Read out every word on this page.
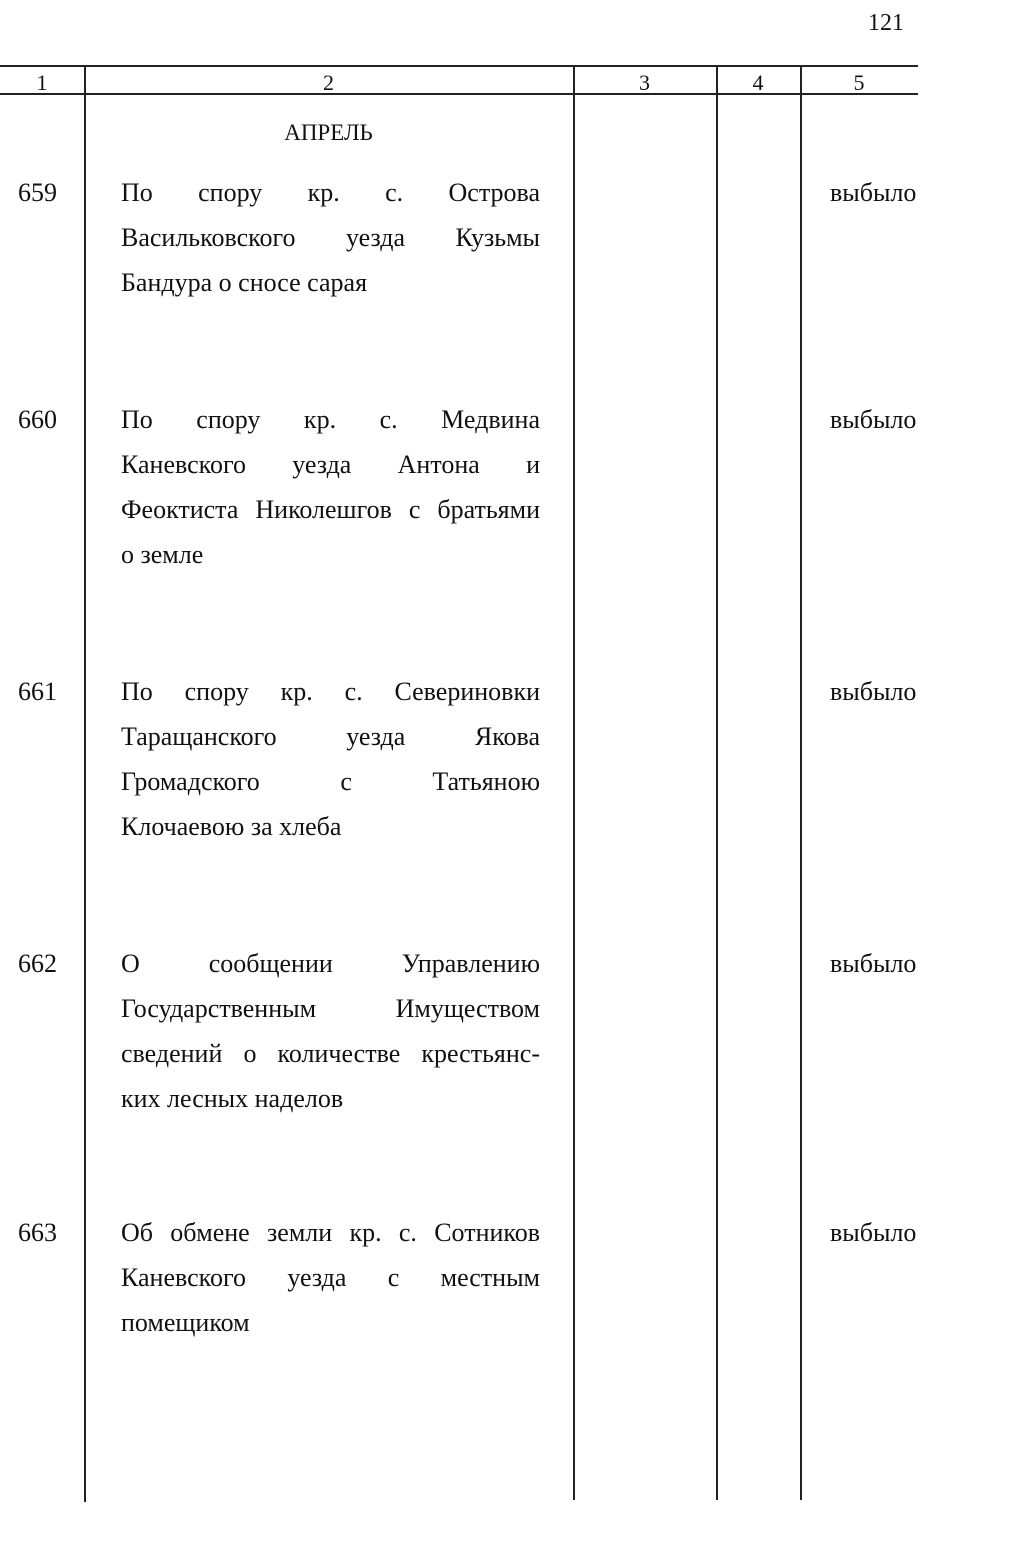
121
1	2	3	4	5
АПРЕЛЬ
659 По спору кр. с. Острова
Васильковского уезда Кузьмы
Бандура о сносе сарая
выбыло
660 По спору кр. с. Медвина
Каневского уезда Антона и
Феоктиста Николешгов с братьями
о земле
выбыло
661 По спору кр. с. Севериновки
Таращанского уезда Якова
Громадского с Татьяною
Клочаевою за хлеба
выбыло
662 О сообщении Управлению
Государственным Имуществом
сведений о количестве крестьянс-
ких лесных наделов
выбыло
663 Об обмене земли кр. с. Сотников
Каневского уезда с местным
помещиком
выбыло
